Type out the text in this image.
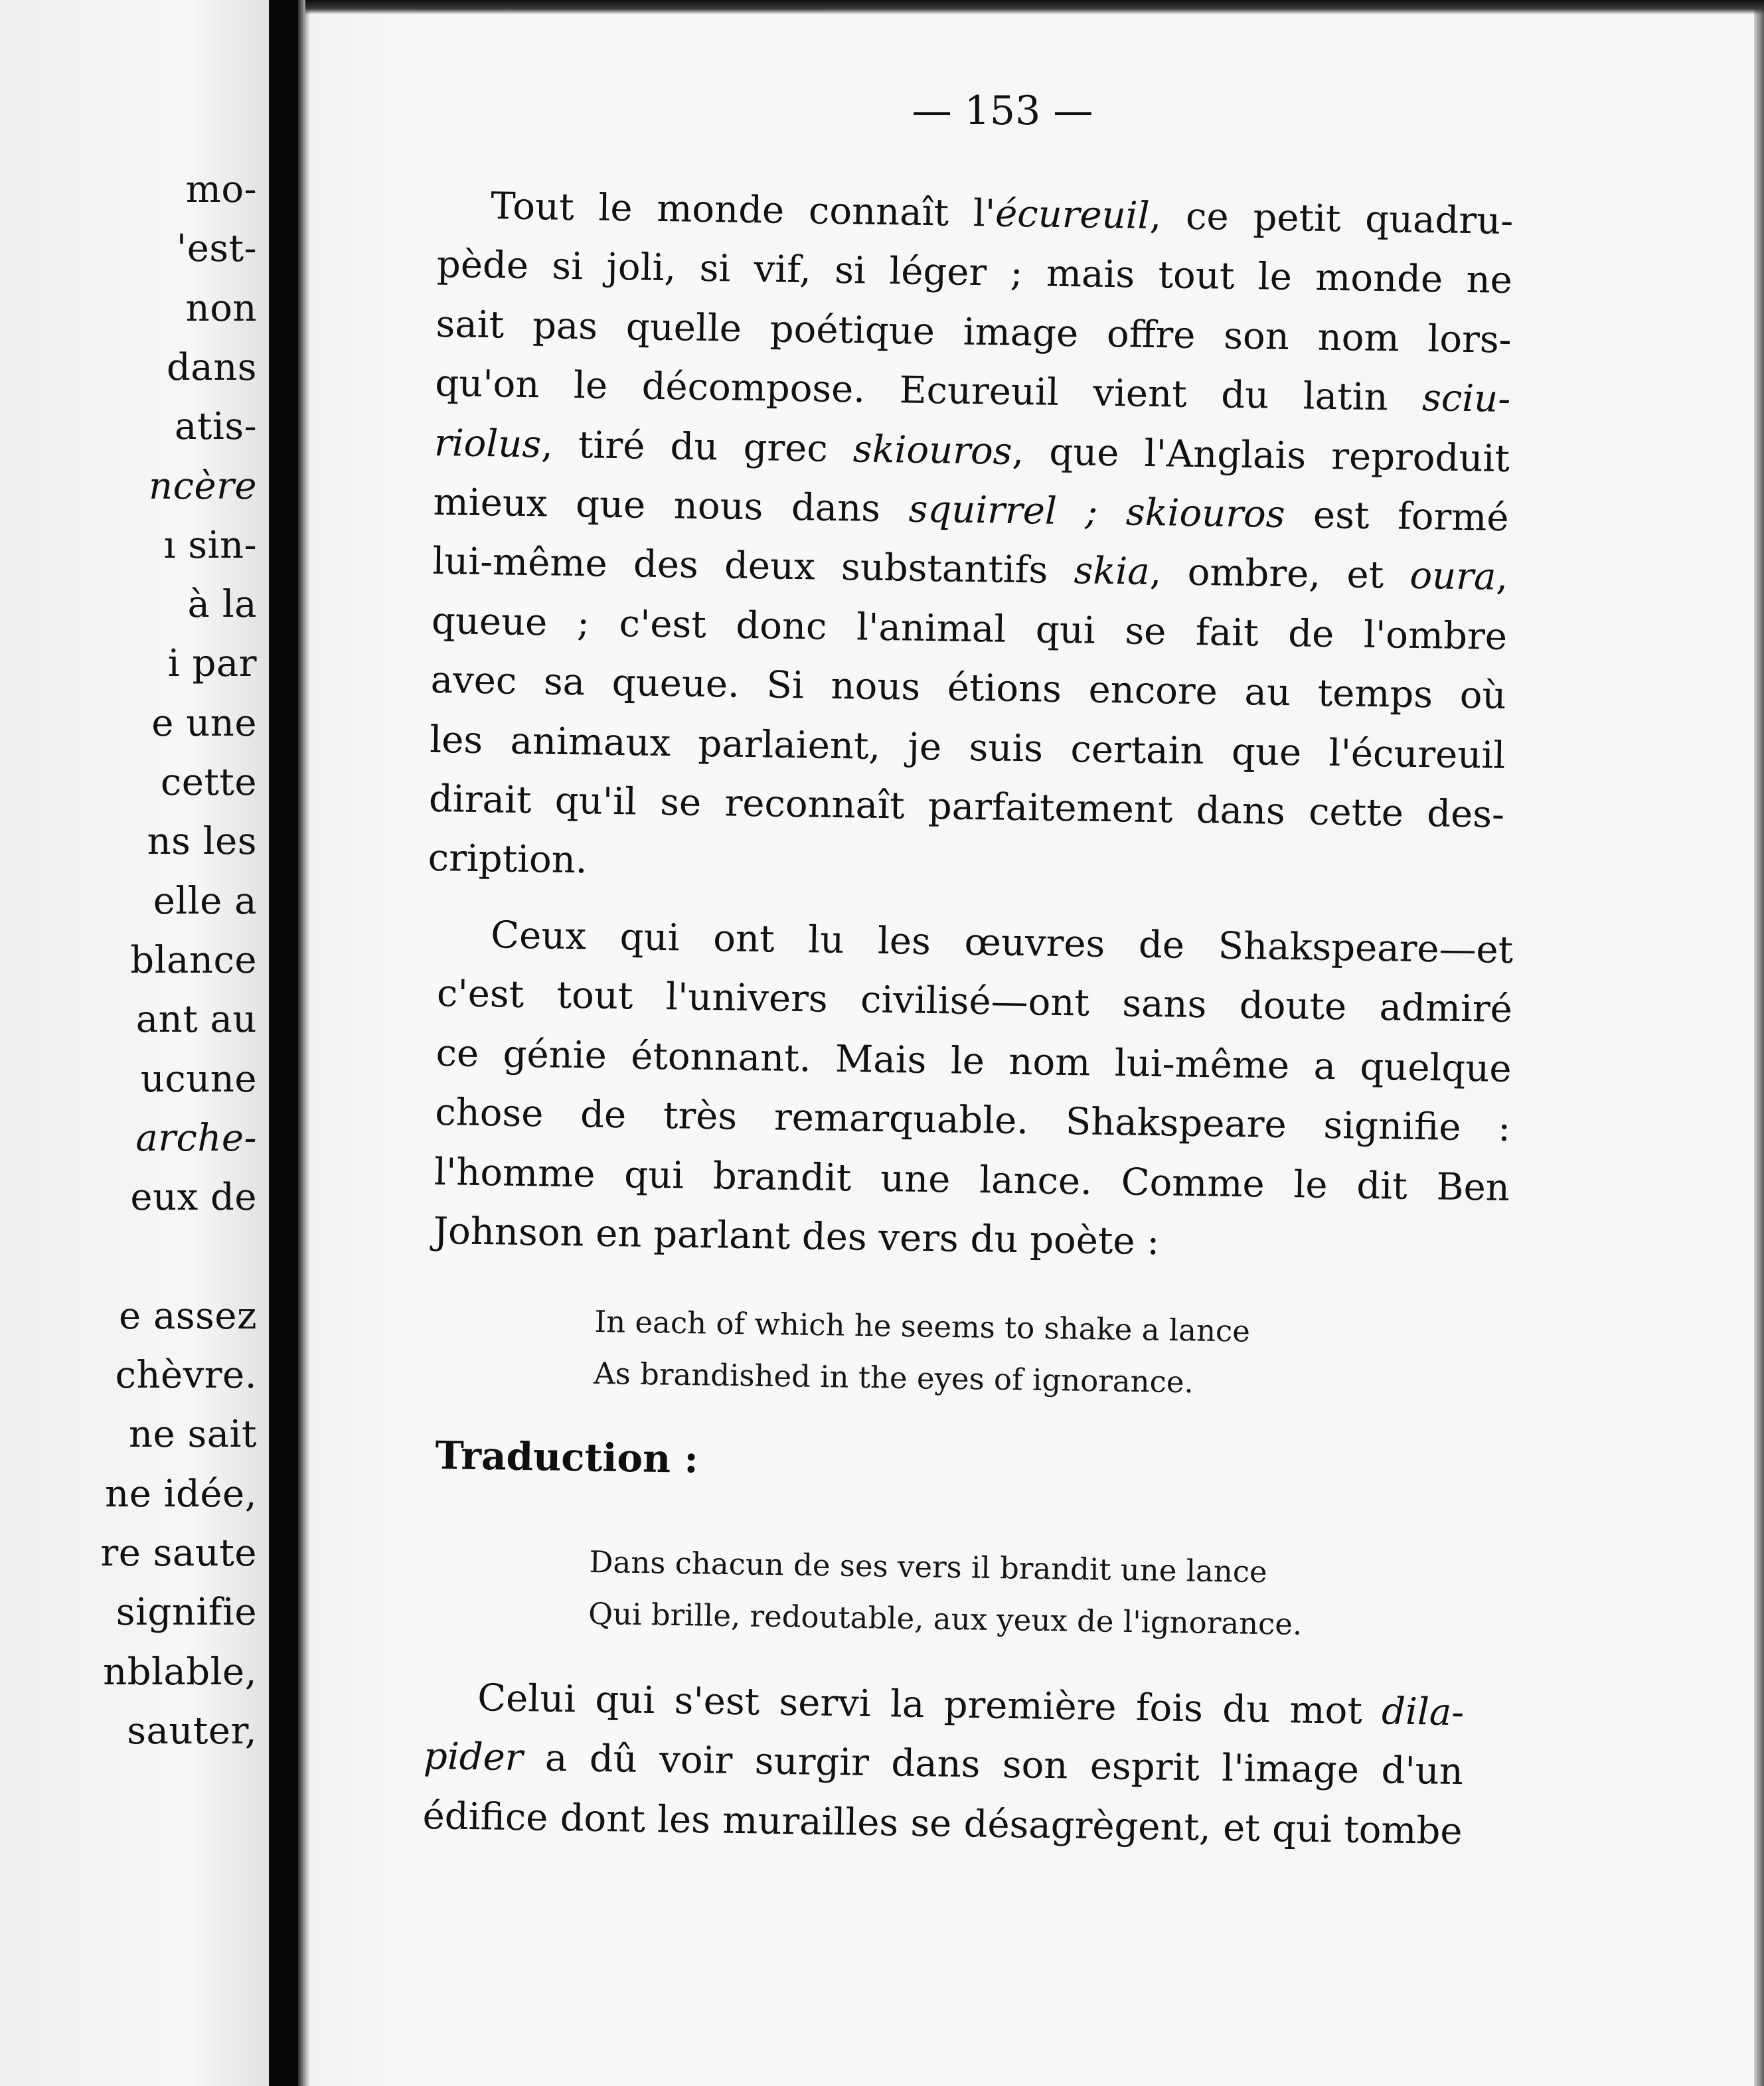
mo-
'est-
non
dans
atis-
ncère
ı sin-
à la
i par
e une
cette
ns les
elle a
blance
ant au
ucune
arche-
eux de
e assez
chèvre.
ne sait
ne idée,
re saute
signifie
nblable,
sauter,
— 153 —
Tout le monde connaît l'écureuil, ce petit quadru-
pède si joli, si vif, si léger ; mais tout le monde ne
sait pas quelle poétique image offre son nom lors-
qu'on le décompose. Ecureuil vient du latin sciu-
riolus, tiré du grec skiouros, que l'Anglais reproduit
mieux que nous dans squirrel ; skiouros est formé
lui-même des deux substantifs skia, ombre, et oura,
queue ; c'est donc l'animal qui se fait de l'ombre
avec sa queue. Si nous étions encore au temps où
les animaux parlaient, je suis certain que l'écureuil
dirait qu'il se reconnaît parfaitement dans cette des-
cription.
Ceux qui ont lu les œuvres de Shakspeare—et
c'est tout l'univers civilisé—ont sans doute admiré
ce génie étonnant. Mais le nom lui-même a quelque
chose de très remarquable. Shakspeare signifie :
l'homme qui brandit une lance. Comme le dit Ben
Johnson en parlant des vers du poète :
In each of which he seems to shake a lance
As brandished in the eyes of ignorance.
Traduction :
Dans chacun de ses vers il brandit une lance
Qui brille, redoutable, aux yeux de l'ignorance.
Celui qui s'est servi la première fois du mot dila-
pider a dû voir surgir dans son esprit l'image d'un
édifice dont les murailles se désagrègent, et qui tombe
